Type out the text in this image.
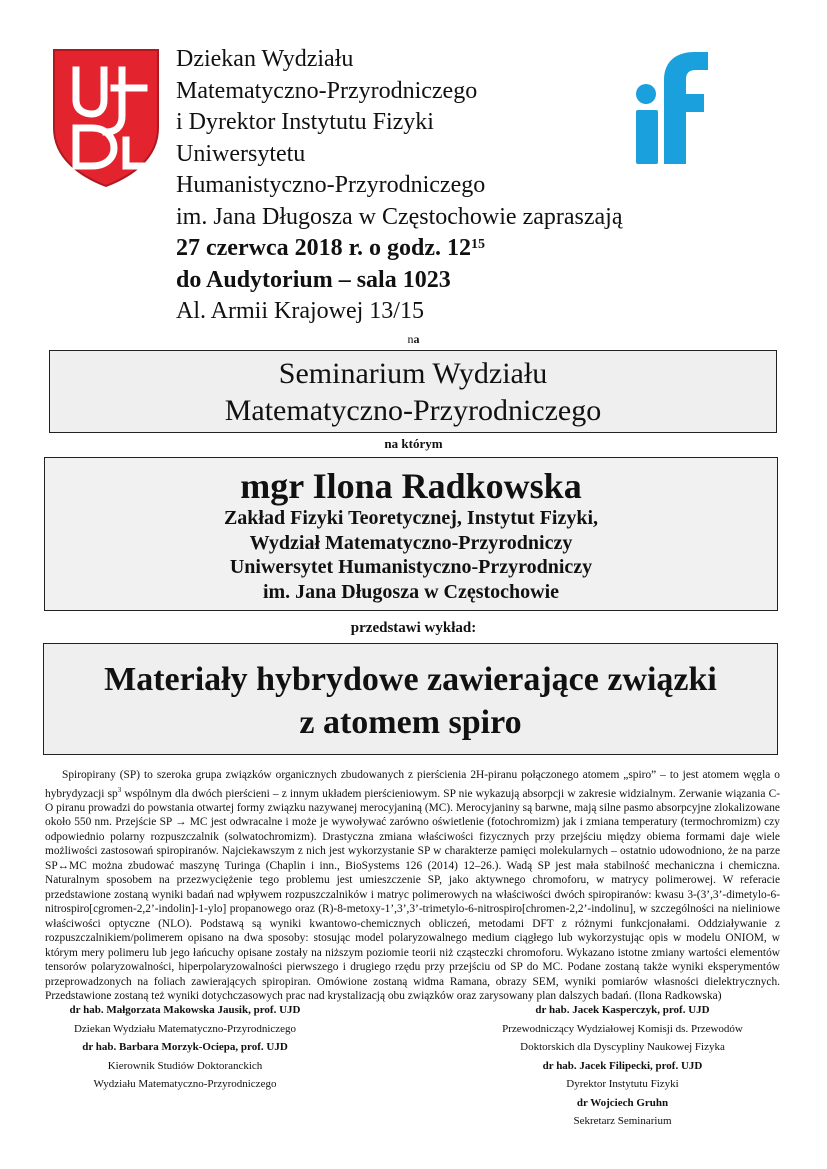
Dziekan Wydziału
Matematyczno-Przyrodniczego
i Dyrektor Instytutu Fizyki
Uniwersytetu
Humanistyczno-Przyrodniczego
im. Jana Długosza w Częstochowie zapraszają
27 czerwca 2018 r. o godz. $12^{15}$
do Audytorium – sala 1023
Al. Armii Krajowej 13/15
na
Seminarium Wydziału
Matematyczno-Przyrodniczego
na którym
mgr Ilona Radkowska
Zakład Fizyki Teoretycznej, Instytut Fizyki,
Wydział Matematyczno-Przyrodniczy
Uniwersytet Humanistyczno-Przyrodniczy
im. Jana Długosza w Częstochowie
przedstawi wykład:
Materiały hybrydowe zawierające związki
z atomem spiro
Spiropirany (SP) to szeroka grupa związków organicznych zbudowanych z pierścienia 2H-piranu połączonego atomem „spiro” – to jest atomem węgla o hybrydyzacji $sp^3$ wspólnym dla dwóch pierścieni – z innym układem pierścieniowym. SP nie wykazują absorpcji w zakresie widzialnym. Zerwanie wiązania C-O piranu prowadzi do powstania otwartej formy związku nazywanej merocyjaniną (MC). Merocyjaniny są barwne, mają silne pasmo absorpcyjne zlokalizowane około 550 nm. Przejście SP → MC jest odwracalne i może je wywoływać zarówno oświetlenie (fotochromizm) jak i zmiana temperatury (termochromizm) czy odpowiednio polarny rozpuszczalnik (solwatochromizm). Drastyczna zmiana właściwości fizycznych przy przejściu między obiema formami daje wiele możliwości zastosowań spiropiranów. Najciekawszym z nich jest wykorzystanie SP w charakterze pamięci molekularnych – ostatnio udowodniono, że na parze SP↔MC można zbudować maszynę Turinga (Chaplin i inn., BioSystems 126 (2014) 12–26.). Wadą SP jest mała stabilność mechaniczna i chemiczna. Naturalnym sposobem na przezwyciężenie tego problemu jest umieszczenie SP, jako aktywnego chromoforu, w matrycy polimerowej. W referacie przedstawione zostaną wyniki badań nad wpływem rozpuszczalników i matryc polimerowych na właściwości dwóch spiropiranów: kwasu 3-(3’,3’-dimetylo-6-nitrospiro[cgromen-2,2’-indolin]-1-ylo] propanowego oraz (R)-8-metoxy-1’,3’,3’-trimetylo-6-nitrospiro[chromen-2,2’-indolinu], w szczególności na nieliniowe właściwości optyczne (NLO). Podstawą są wyniki kwantowo-chemicznych obliczeń, metodami DFT z różnymi funkcjonałami. Oddziaływanie z rozpuszczalnikiem/polimerem opisano na dwa sposoby: stosując model polaryzowalnego medium ciągłego lub wykorzystując opis w modelu ONIOM, w którym mery polimeru lub jego łańcuchy opisane zostały na niższym poziomie teorii niż cząsteczki chromoforu. Wykazano istotne zmiany wartości elementów tensorów polaryzowalności, hiperpolaryzowalności pierwszego i drugiego rzędu przy przejściu od SP do MC. Podane zostaną także wyniki eksperymentów przeprowadzonych na foliach zawierających spiropiran. Omówione zostaną widma Ramana, obrazy SEM, wyniki pomiarów własności dielektrycznych. Przedstawione zostaną też wyniki dotychczasowych prac nad krystalizacją obu związków oraz zarysowany plan dalszych badań. (Ilona Radkowska)
dr hab. Małgorzata Makowska Jausik, prof. UJD
Dziekan Wydziału Matematyczno-Przyrodniczego
dr hab. Barbara Morzyk-Ociepa, prof. UJD
Kierownik Studiów Doktoranckich
Wydziału Matematyczno-Przyrodniczego
dr hab. Jacek Kasperczyk, prof. UJD
Przewodniczący Wydziałowej Komisji ds. Przewodów
Doktorskich dla Dyscypliny Naukowej Fizyka
dr hab. Jacek Filipecki, prof. UJD
Dyrektor Instytutu Fizyki
dr Wojciech Gruhn
Sekretarz Seminarium
